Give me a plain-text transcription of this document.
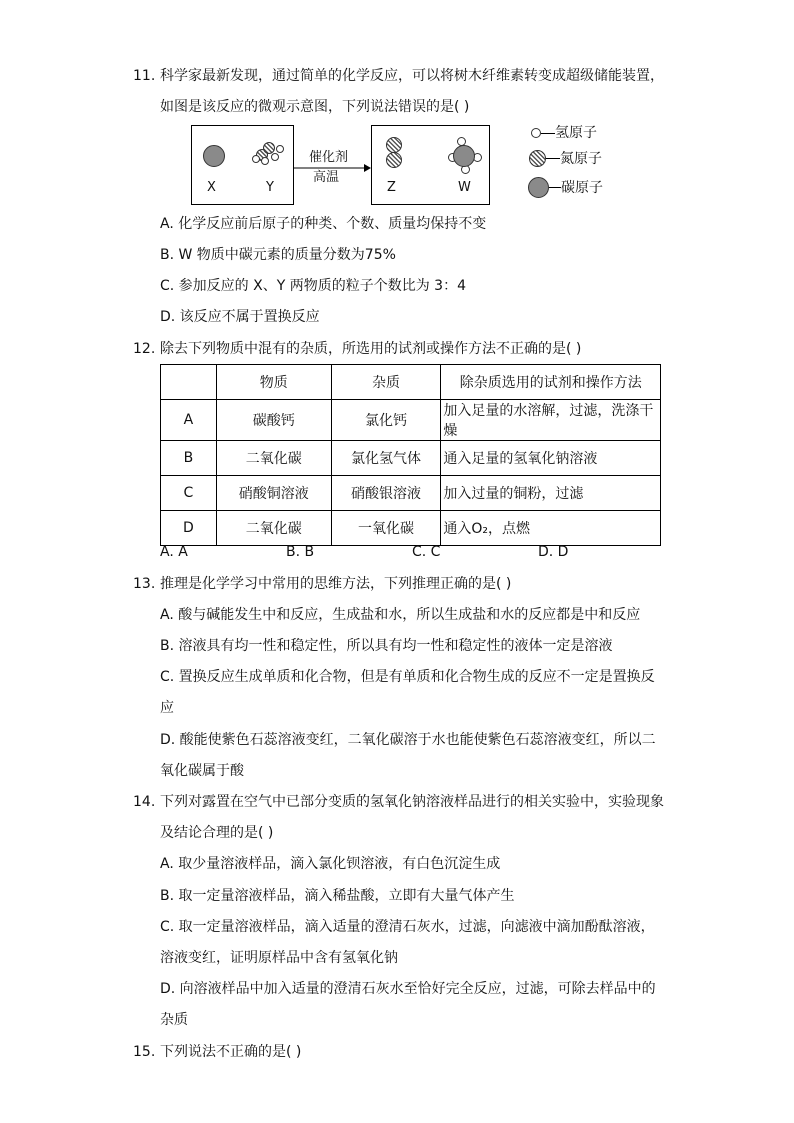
11. 科学家最新发现，通过简单的化学反应，可以将树木纤维素转变成超级储能装置，
如图是该反应的微观示意图，下列说法错误的是( )
X	Y
催化剂
高温
Z	W
氢原子
氮原子
碳原子
A. 化学反应前后原子的种类、个数、质量均保持不变
B. W 物质中碳元素的质量分数为75%
C. 参加反应的 X、Y 两物质的粒子个数比为 3：4
D. 该反应不属于置换反应
12. 除去下列物质中混有的杂质，所选用的试剂或操作方法不正确的是( )
	物质	杂质	除杂质选用的试剂和操作方法
A	碳酸钙	氯化钙	加入足量的水溶解，过滤，洗涤干燥
B	二氧化碳	氯化氢气体	通入足量的氢氧化钠溶液
C	硝酸铜溶液	硝酸银溶液	加入过量的铜粉，过滤
D	二氧化碳	一氧化碳	通入O₂，点燃
A. A	B. B	C. C	D. D
13. 推理是化学学习中常用的思维方法，下列推理正确的是( )
A. 酸与碱能发生中和反应，生成盐和水，所以生成盐和水的反应都是中和反应
B. 溶液具有均一性和稳定性，所以具有均一性和稳定性的液体一定是溶液
C. 置换反应生成单质和化合物，但是有单质和化合物生成的反应不一定是置换反
应
D. 酸能使紫色石蕊溶液变红，二氧化碳溶于水也能使紫色石蕊溶液变红，所以二
氧化碳属于酸
14. 下列对露置在空气中已部分变质的氢氧化钠溶液样品进行的相关实验中，实验现象
及结论合理的是( )
A. 取少量溶液样品，滴入氯化钡溶液，有白色沉淀生成
B. 取一定量溶液样品，滴入稀盐酸，立即有大量气体产生
C. 取一定量溶液样品，滴入适量的澄清石灰水，过滤，向滤液中滴加酚酞溶液，
溶液变红，证明原样品中含有氢氧化钠
D. 向溶液样品中加入适量的澄清石灰水至恰好完全反应，过滤，可除去样品中的
杂质
15. 下列说法不正确的是( )
